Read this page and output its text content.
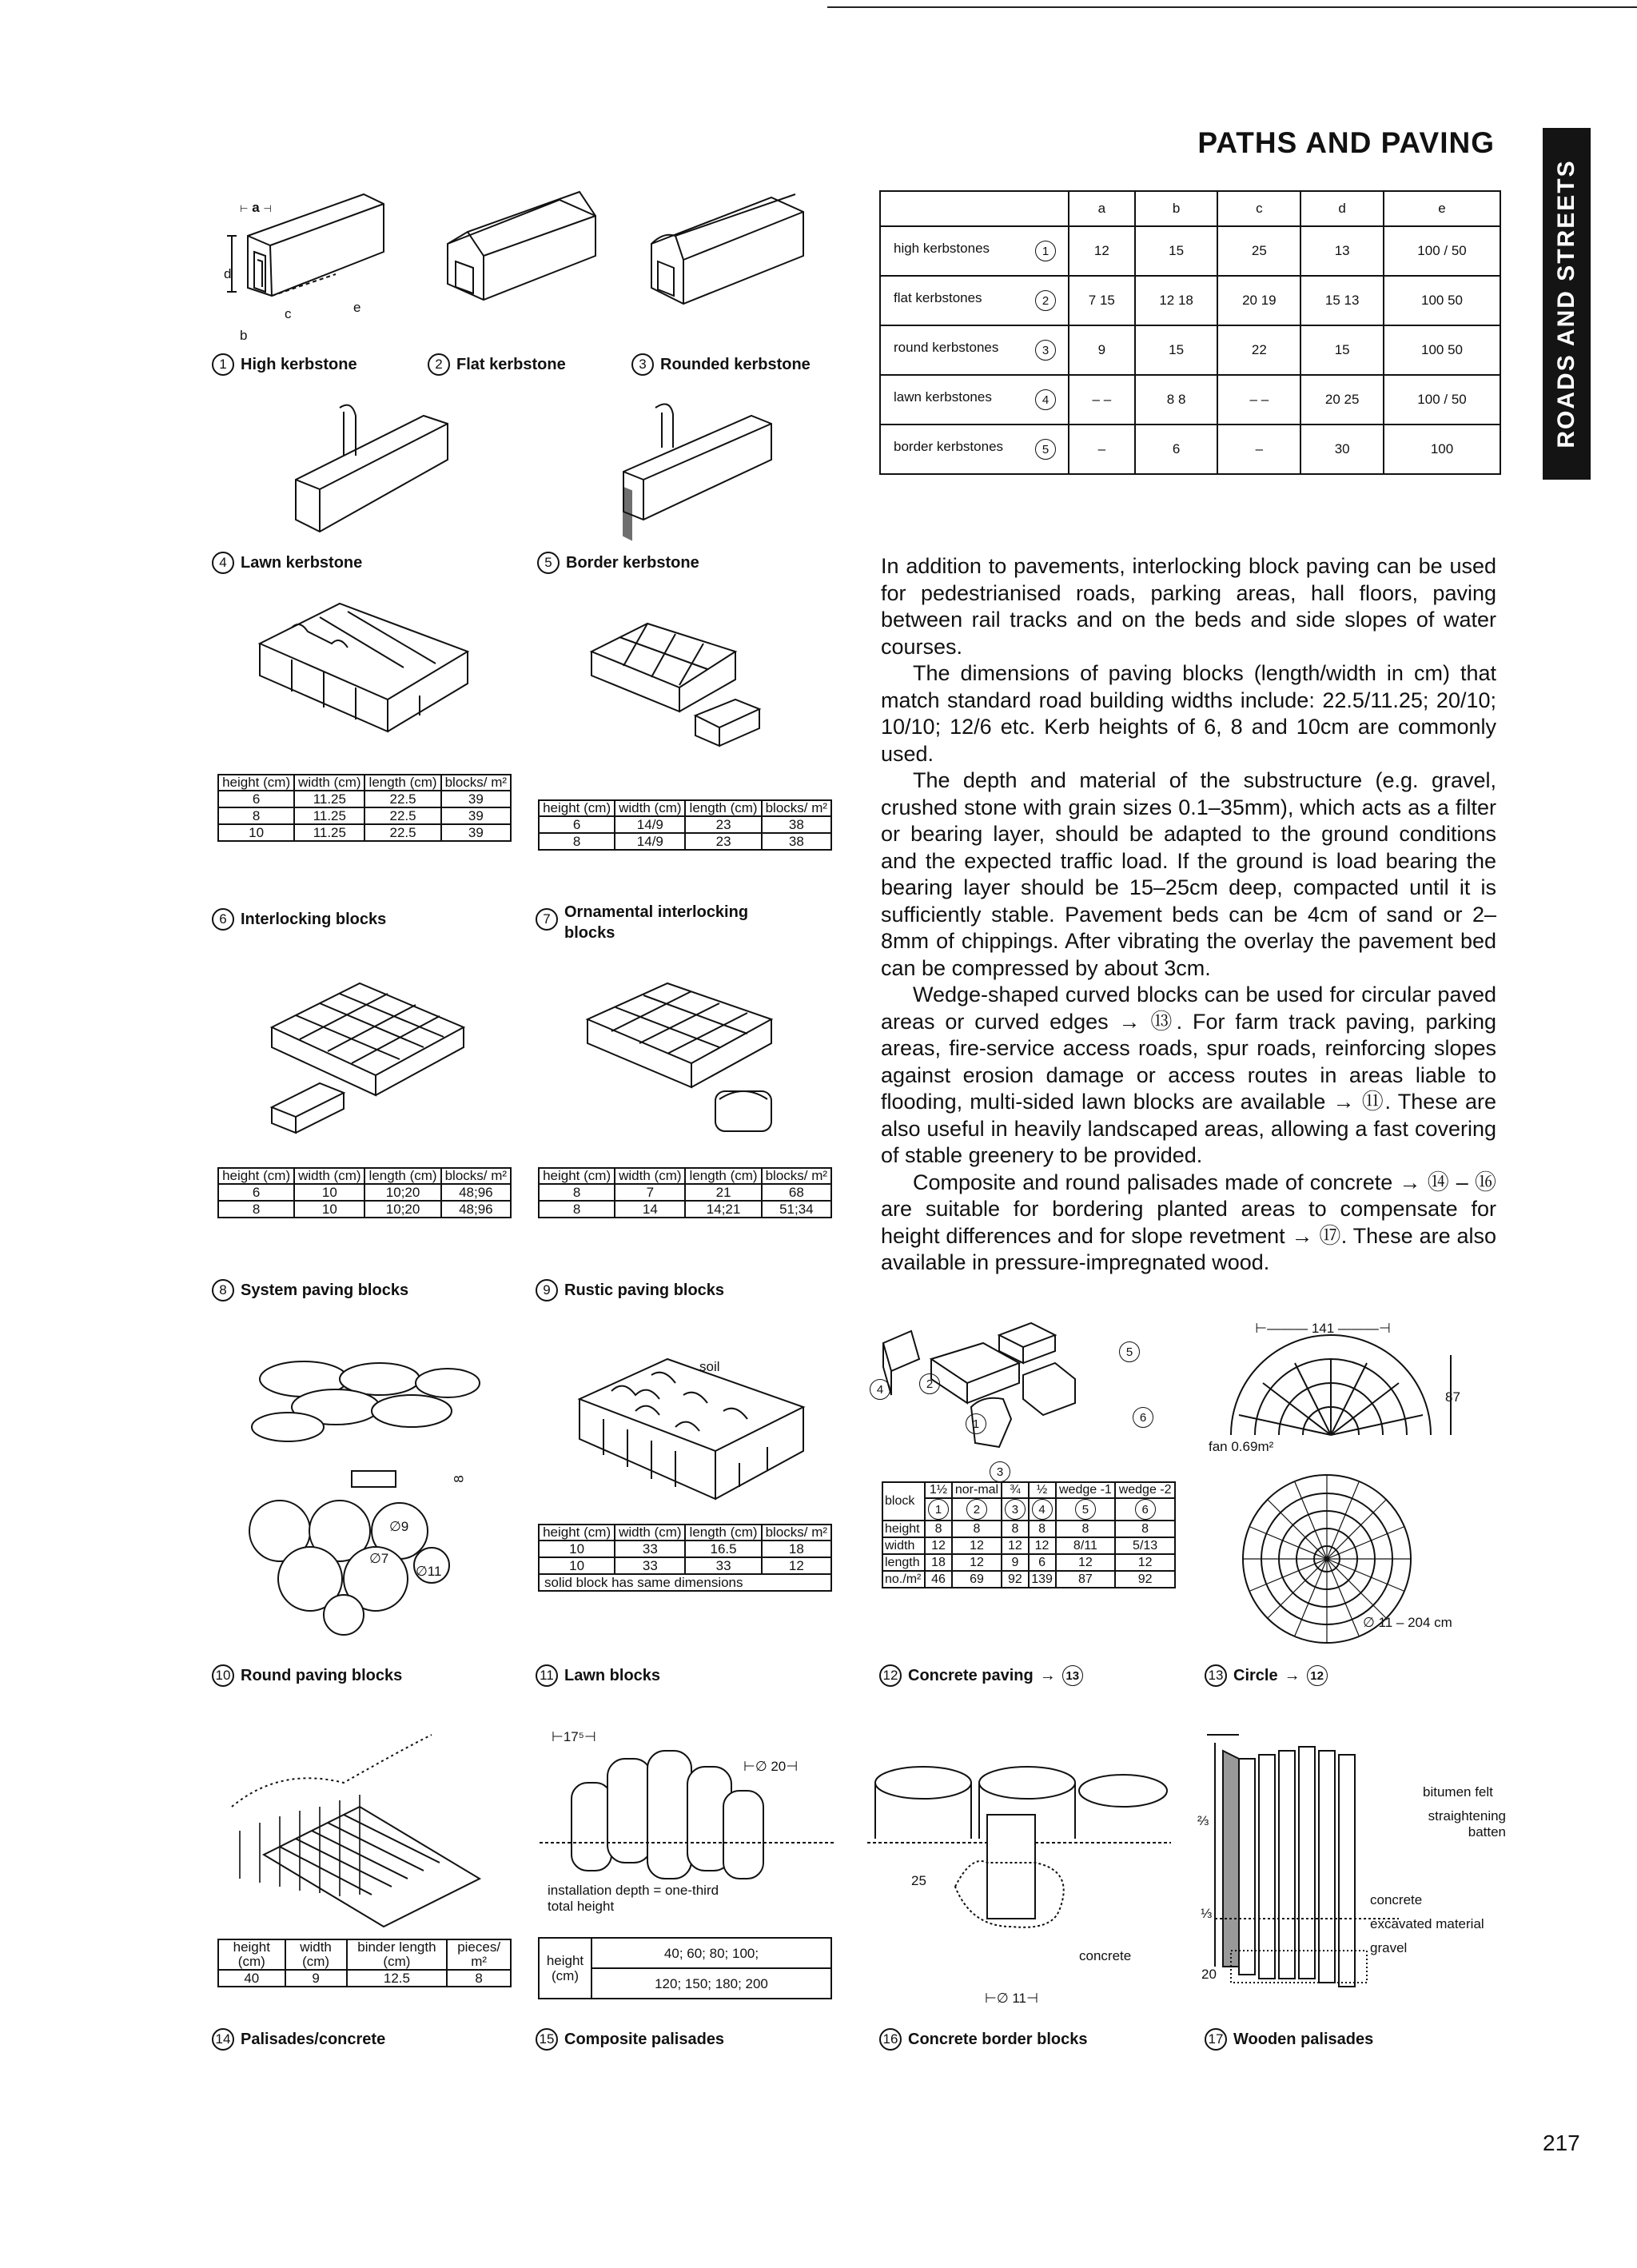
PATHS AND PAVING
ROADS AND STREETS
⊢ a ⊣
d
c	e
b
1 High kerbstone	2 Flat kerbstone	3 Rounded kerbstone
4 Lawn kerbstone	5 Border kerbstone
	a	b	c	d	e
high kerbstones 1	12	15	25	13	100 / 50
flat kerbstones 2	7 15	12 18	20 19	15 13	100 50
round kerbstones 3	9	15	22	15	100 50
lawn kerbstones 4	– –	8 8	– –	20 25	100 / 50
border kerbstones 5	–	6	–	30	100
height (cm)	width (cm)	length (cm)	blocks/ m²
6	11.25	22.5	39
8	11.25	22.5	39
10	11.25	22.5	39
height (cm)	width (cm)	length (cm)	blocks/ m²
6	14/9	23	38
8	14/9	23	38
6 Interlocking blocks	7 Ornamental interlocking blocks
height (cm)	width (cm)	length (cm)	blocks/ m²
6	10	10;20	48;96
8	10	10;20	48;96
height (cm)	width (cm)	length (cm)	blocks/ m²
8	7	21	68
8	14	14;21	51;34
8 System paving blocks	9 Rustic paving blocks
∅9
∅7
∅11
8
soil
height (cm)	width (cm)	length (cm)	blocks/ m²
10	33	16.5	18
10	33	33	12
solid block has same dimensions			
10 Round paving blocks	11 Lawn blocks

In addition to pavements, interlocking block paving can be used for pedestrianised roads, parking areas, hall floors, paving between rail tracks and on the beds and side slopes of water courses.

The dimensions of paving blocks (length/width in cm) that match standard road building widths include: 22.5/11.25; 20/10; 10/10; 12/6 etc. Kerb heights of 6, 8 and 10cm are commonly used.

The depth and material of the substructure (e.g. gravel, crushed stone with grain sizes 0.1–35mm), which acts as a filter or bearing layer, should be adapted to the ground conditions and the expected traffic load. If the ground is load bearing the bearing layer should be 15–25cm deep, compacted until it is sufficiently stable. Pavement beds can be 4cm of sand or 2–8mm of chippings. After vibrating the overlay the pavement bed can be compressed by about 3cm.

Wedge-shaped curved blocks can be used for circular paved areas or curved edges → ⑬. For farm track paving, parking areas, fire-service access roads, spur roads, reinforcing slopes against erosion damage or access routes in areas liable to flooding, multi-sided lawn blocks are available → ⑪. These are also useful in heavily landscaped areas, allowing a fast covering of stable greenery to be provided.

Composite and round palisades made of concrete → ⑭ – ⑯ are suitable for bordering planted areas to compensate for height differences and for slope revetment → ⑰. These are also available in pressure-impregnated wood.

4	2
5
1	6
3
block	1½	nor-mal	¾	½	wedge -1	wedge -2
	1	2	3	4	5	6
height	8	8	8	8	8	8
width	12	12	12	12	8/11	5/13
length	18	12	9	6	12	12
no./m²	46	69	92	139	87	92
⊢——— 141 ———⊣
87
fan 0.69m²
∅ 11 – 204 cm
12 Concrete paving → 13	13 Circle → 12
⊢17⁵⊣
⊢∅ 20⊣
installation depth = one-third total height
25
concrete
⊢∅ 11⊣
bitumen felt
straightening batten
concrete
excavated material
gravel
⅔
⅓
20
height (cm)	width (cm)	binder length (cm)	pieces/ m²
40	9	12.5	8
height (cm)	40; 60; 80; 100;
120; 150; 180; 200
14 Palisades/concrete	15 Composite palisades	16 Concrete border blocks	17 Wooden palisades
217
